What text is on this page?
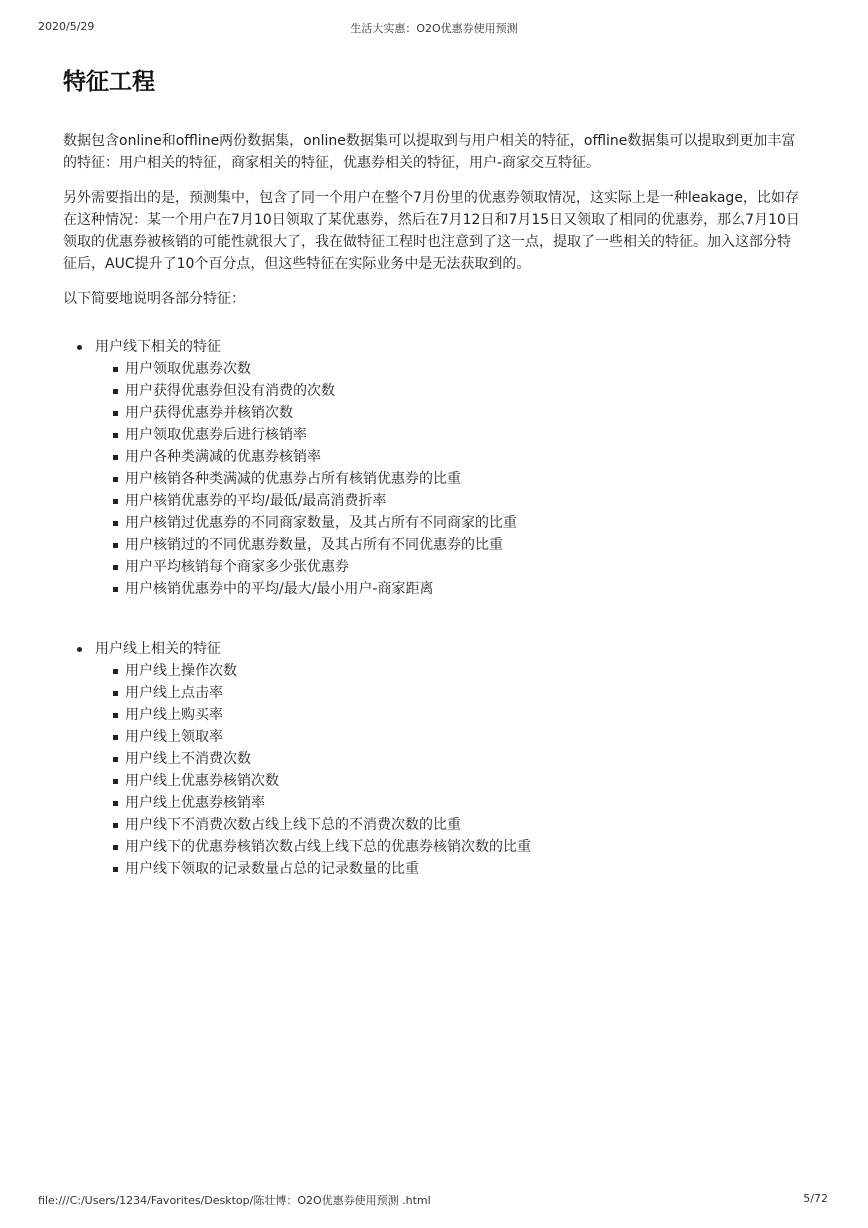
2020/5/29	生活大实惠：O2O优惠券使用预测
特征工程

数据包含online和offline两份数据集，online数据集可以提取到与用户相关的特征，offline数据集可以提取到更加丰富的特征：用户相关的特征，商家相关的特征，优惠券相关的特征，用户-商家交互特征。

另外需要指出的是，预测集中，包含了同一个用户在整个7月份里的优惠券领取情况，这实际上是一种leakage，比如存在这种情况：某一个用户在7月10日领取了某优惠券，然后在7月12日和7月15日又领取了相同的优惠券，那么7月10日领取的优惠券被核销的可能性就很大了，我在做特征工程时也注意到了这一点，提取了一些相关的特征。加入这部分特征后，AUC提升了10个百分点，但这些特征在实际业务中是无法获取到的。

以下简要地说明各部分特征：

用户线下相关的特征
用户领取优惠券次数
用户获得优惠券但没有消费的次数
用户获得优惠券并核销次数
用户领取优惠券后进行核销率
用户各种类满减的优惠券核销率
用户核销各种类满减的优惠券占所有核销优惠券的比重
用户核销优惠券的平均/最低/最高消费折率
用户核销过优惠券的不同商家数量，及其占所有不同商家的比重
用户核销过的不同优惠券数量，及其占所有不同优惠券的比重
用户平均核销每个商家多少张优惠券
用户核销优惠券中的平均/最大/最小用户-商家距离
用户线上相关的特征
用户线上操作次数
用户线上点击率
用户线上购买率
用户线上领取率
用户线上不消费次数
用户线上优惠券核销次数
用户线上优惠券核销率
用户线下不消费次数占线上线下总的不消费次数的比重
用户线下的优惠券核销次数占线上线下总的优惠券核销次数的比重
用户线下领取的记录数量占总的记录数量的比重
file:///C:/Users/1234/Favorites/Desktop/陈壮博：O2O优惠券使用预测 .html	5/72
